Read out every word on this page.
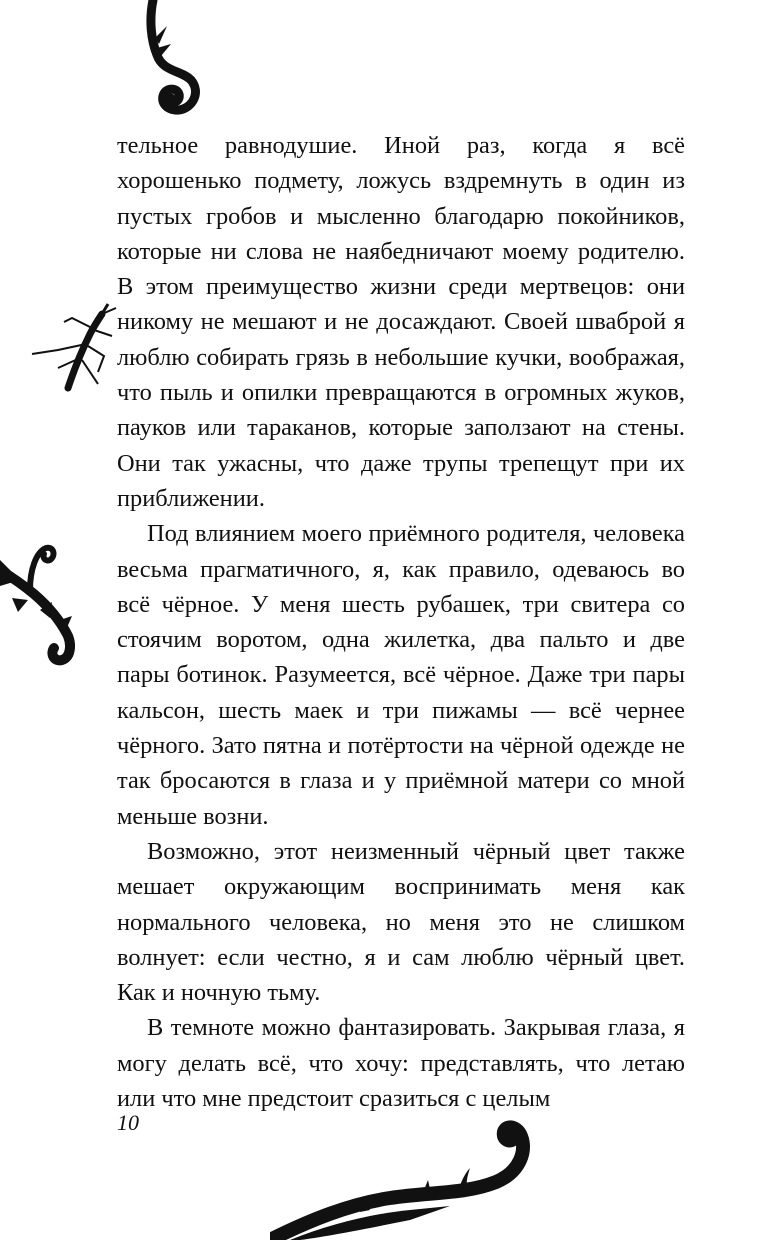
тельное равнодушие. Иной раз, когда я всё хорошенько подмету, ложусь вздремнуть в один из пустых гробов и мысленно благодарю покойников, которые ни слова не наябедничают моему родителю. В этом преимущество жизни среди мертвецов: они никому не мешают и не досаждают. Своей шваброй я люблю собирать грязь в небольшие кучки, воображая, что пыль и опилки превращаются в огромных жуков, пауков или тараканов, которые заползают на стены. Они так ужасны, что даже трупы трепещут при их приближении.

Под влиянием моего приёмного родителя, человека весьма прагматичного, я, как правило, одеваюсь во всё чёрное. У меня шесть рубашек, три свитера со стоячим воротом, одна жилетка, два пальто и две пары ботинок. Разумеется, всё чёрное. Даже три пары кальсон, шесть маек и три пижамы — всё чернее чёрного. Зато пятна и потёртости на чёрной одежде не так бросаются в глаза и у приёмной матери со мной меньше возни.

Возможно, этот неизменный чёрный цвет также мешает окружающим воспринимать меня как нормального человека, но меня это не слишком волнует: если честно, я и сам люблю чёрный цвет. Как и ночную тьму.

В темноте можно фантазировать. Закрывая глаза, я могу делать всё, что хочу: представлять, что летаю или что мне предстоит сразиться с целым

10
